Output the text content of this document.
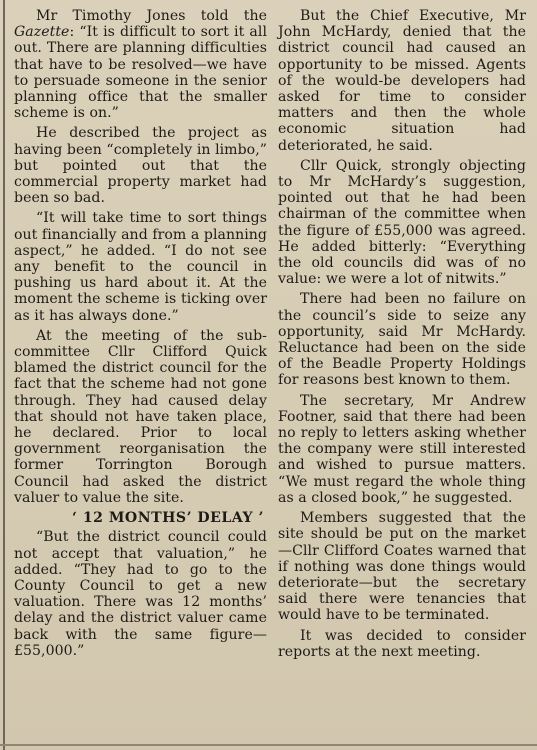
Mr Timothy Jones told the Gazette: “It is difficult to sort it all out. There are planning difficulties that have to be resolved—we have to persuade someone in the senior planning office that the smaller scheme is on.”

He described the project as having been “completely in limbo,” but pointed out that the commercial property market had been so bad.

“It will take time to sort things out financially and from a planning aspect,” he added. “I do not see any benefit to the council in pushing us hard about it. At the moment the scheme is ticking over as it has always done.”

At the meeting of the sub-committee Cllr Clifford Quick blamed the district council for the fact that the scheme had not gone through. They had caused delay that should not have taken place, he declared. Prior to local government reorganisation the former Torrington Borough Council had asked the district valuer to value the site.

‘ 12 MONTHS’ DELAY ’

“But the district council could not accept that valuation,” he added. “They had to go to the County Council to get a new valuation. There was 12 months’ delay and the district valuer came back with the same figure—£55,000.”

But the Chief Executive, Mr John McHardy, denied that the district council had caused an opportunity to be missed. Agents of the would-be developers had asked for time to consider matters and then the whole economic situation had deteriorated, he said.

Cllr Quick, strongly objecting to Mr McHardy’s suggestion, pointed out that he had been chairman of the committee when the figure of £55,000 was agreed. He added bitterly: “Everything the old councils did was of no value: we were a lot of nitwits.”

There had been no failure on the council’s side to seize any opportunity, said Mr McHardy. Reluctance had been on the side of the Beadle Property Holdings for reasons best known to them.

The secretary, Mr Andrew Footner, said that there had been no reply to letters asking whether the company were still interested and wished to pursue matters. “We must regard the whole thing as a closed book,” he suggested.

Members suggested that the site should be put on the market—Cllr Clifford Coates warned that if nothing was done things would deteriorate—but the secretary said there were tenancies that would have to be terminated.

It was decided to consider reports at the next meeting.
